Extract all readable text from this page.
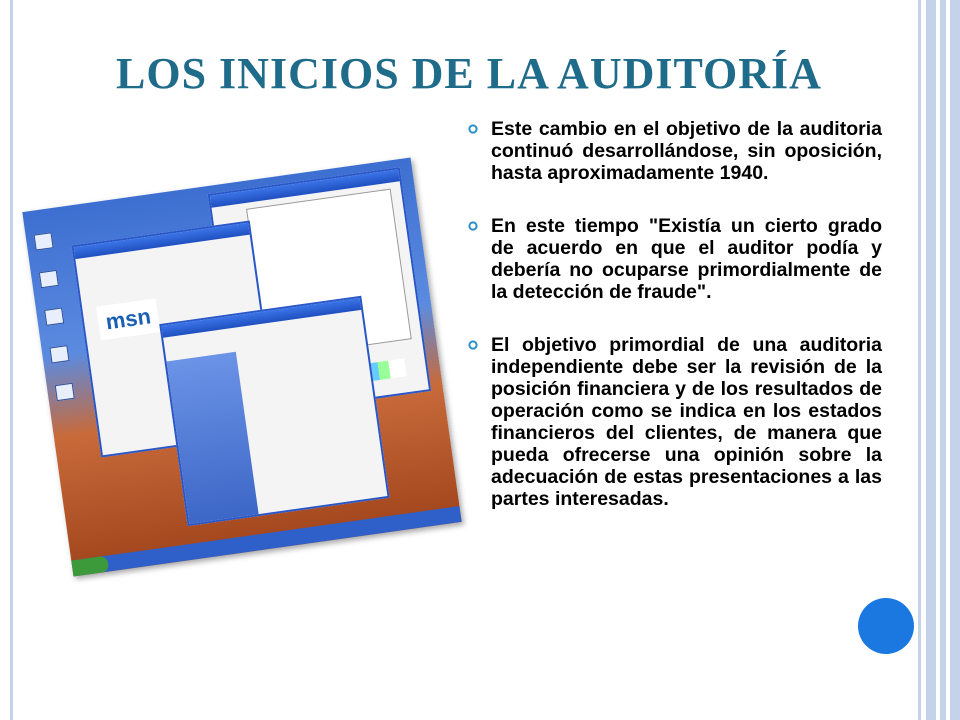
LOS INICIOS DE LA AUDITORÍA
msn
Este cambio en el objetivo de la auditoria continuó desarrollándose, sin oposición, hasta aproximadamente 1940.
En este tiempo "Existía un cierto grado de acuerdo en que el auditor podía y debería no ocuparse primordialmente de la detección de fraude".
El objetivo primordial de una auditoria independiente debe ser la revisión de la posición financiera y de los resultados de operación como se indica en los estados financieros del clientes, de manera que pueda ofrecerse una opinión sobre la adecuación de estas presentaciones a las partes interesadas.
